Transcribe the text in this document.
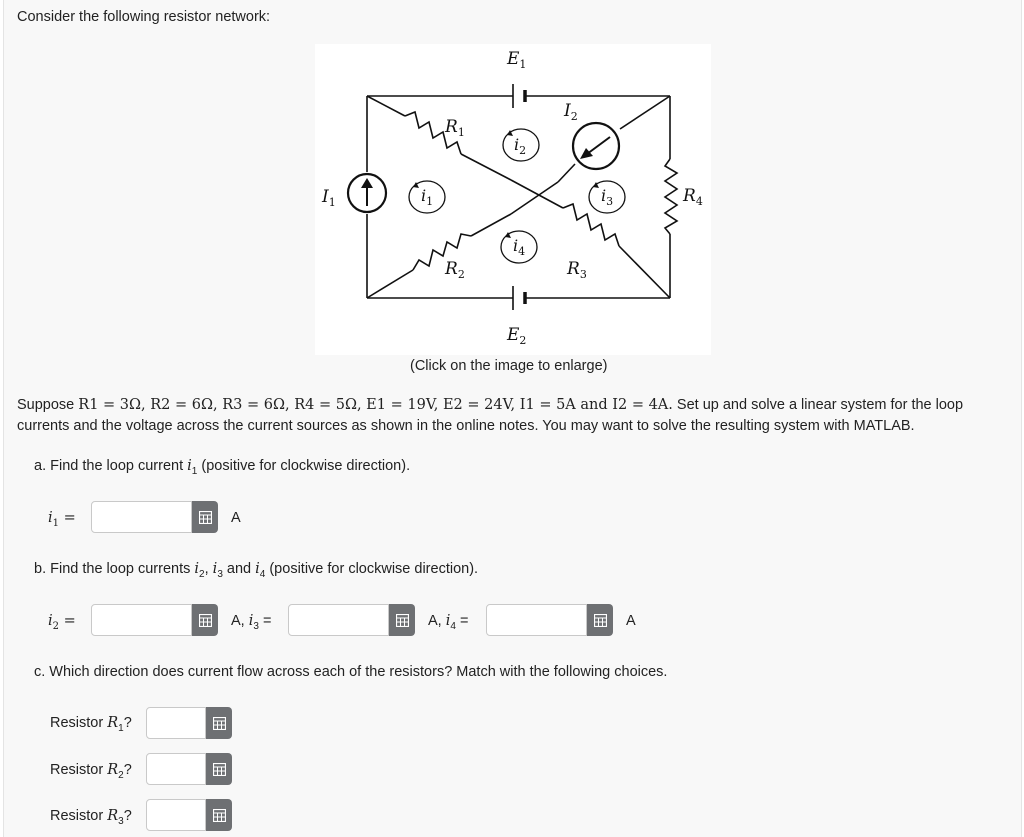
Consider the following resistor network:
$E_1$
$E_2$
$I_1$
$I_2$
$R_1$
$R_2$	$R_3$
$R_4$
$i_1$
$i_2$
$i_3$
$i_4$
(Click on the image to enlarge)
Suppose R1 = 3Ω, R2 = 6Ω, R3 = 6Ω, R4 = 5Ω, E1 = 19V, E2 = 24V, I1 = 5A and I2 = 4A. Set up and solve a linear system for the loop
currents and the voltage across the current sources as shown in the online notes. You may want to solve the resulting system with MATLAB.
a. Find the loop current $i_1$ (positive for clockwise direction).
$i_1$ =	A
b. Find the loop currents $i_2$, $i_3$ and $i_4$ (positive for clockwise direction).
$i_2$ =	A, $i_3$ =	A, $i_4$ =	A
c. Which direction does current flow across each of the resistors? Match with the following choices.
Resistor $R_1$?
Resistor $R_2$?
Resistor $R_3$?
